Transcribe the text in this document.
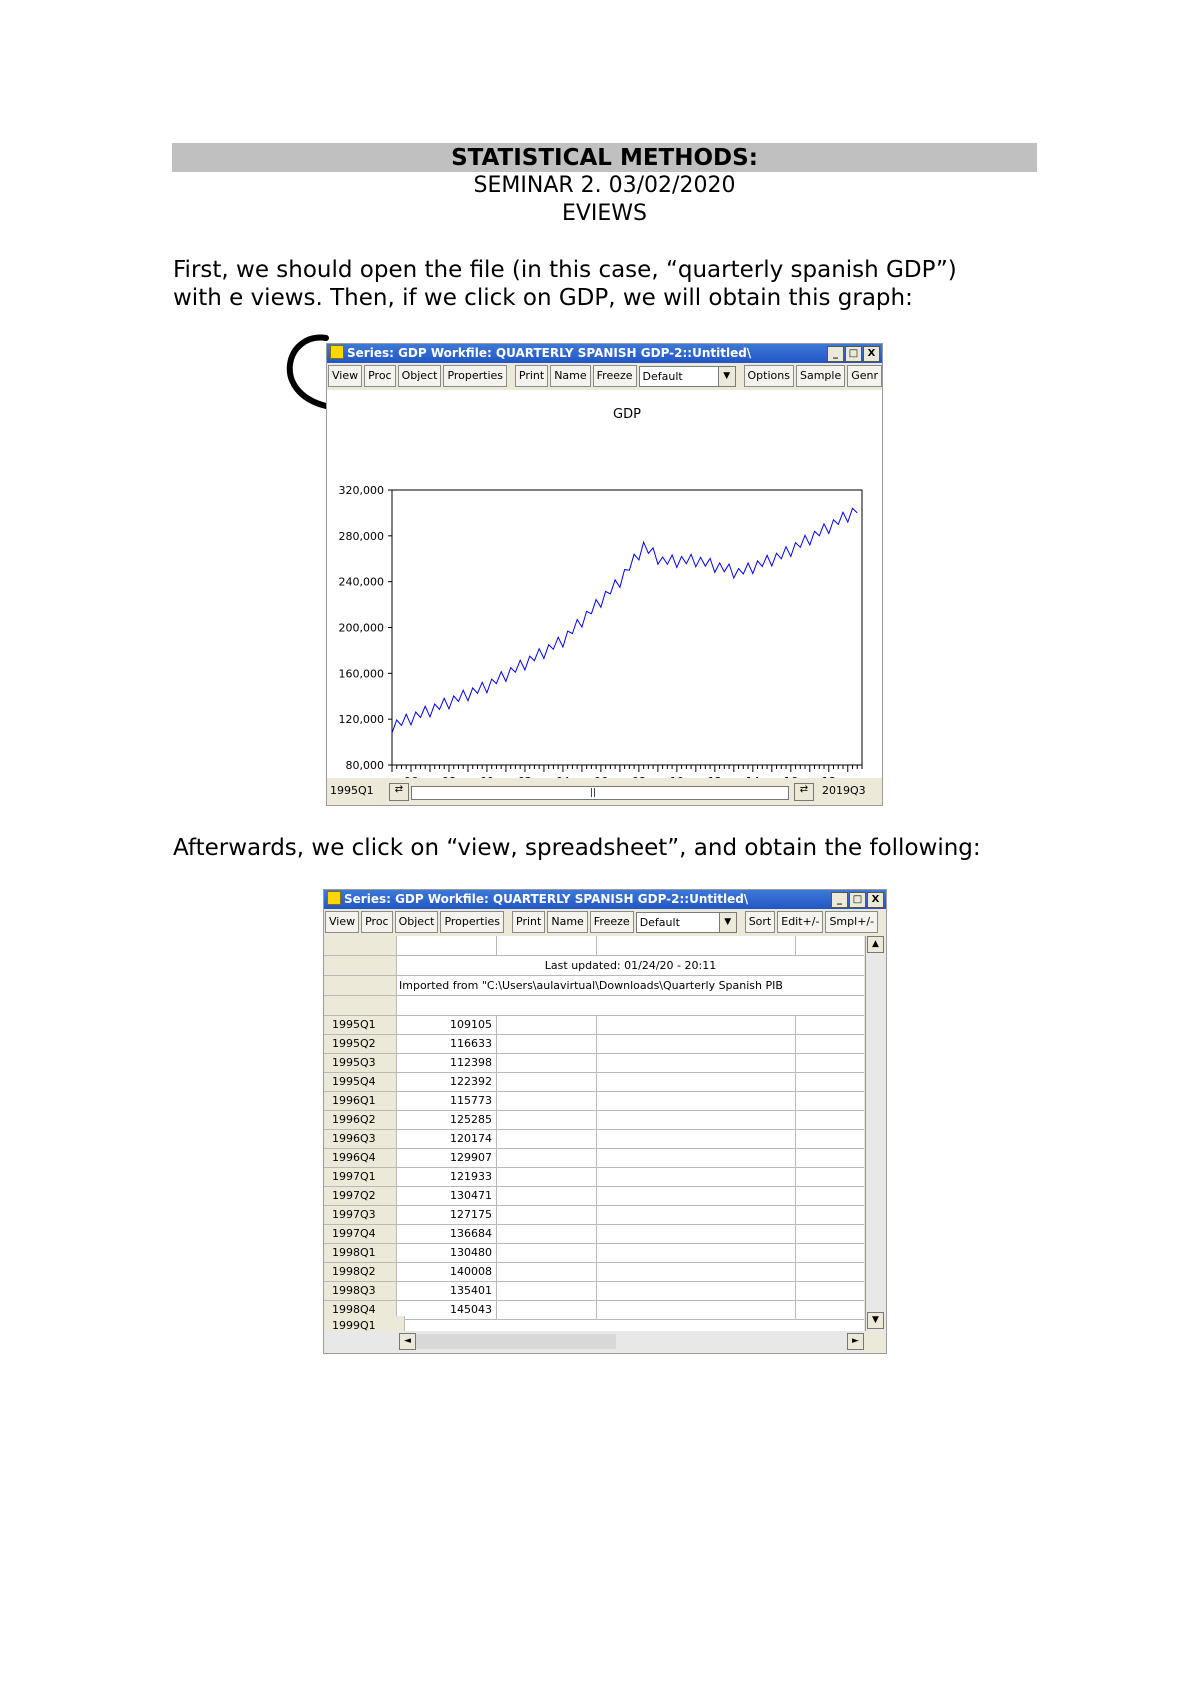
STATISTICAL METHODS:
SEMINAR 2. 03/02/2020
EVIEWS
First, we should open the file (in this case, “quarterly spanish GDP”)
with e views. Then, if we click on GDP, we will obtain this graph:
Series: GDP Workfile: QUARTERLY SPANISH GDP-2::Untitled\	_	□ X
View Proc Object Properties	Print Name Freeze Default	▼	Options Sample Genr
GDP
320,000
280,000
240,000
200,000
160,000
120,000
80,000
1995Q1	⇄	||	⇄	2019Q3
Afterwards, we click on “view, spreadsheet”, and obtain the following:
Series: GDP Workfile: QUARTERLY SPANISH GDP-2::Untitled\	_	□ X
View Proc Object Properties	Print Name Freeze Default	▼	Sort Edit+/- Smpl+/-
Last updated: 01/24/20 - 20:11
Imported from "C:\Users\aulavirtual\Downloads\Quarterly Spanish PIB
1995Q1	109105
1995Q2	116633
1995Q3	112398
1995Q4	122392
1996Q1	115773
1996Q2	125285
1996Q3	120174
1996Q4	129907
1997Q1	121933
1997Q2	130471
1997Q3	127175
1997Q4	136684
1998Q1	130480
1998Q2	140008
1998Q3	135401
1998Q4	145043
1999Q1
▲
▼
◄	►
